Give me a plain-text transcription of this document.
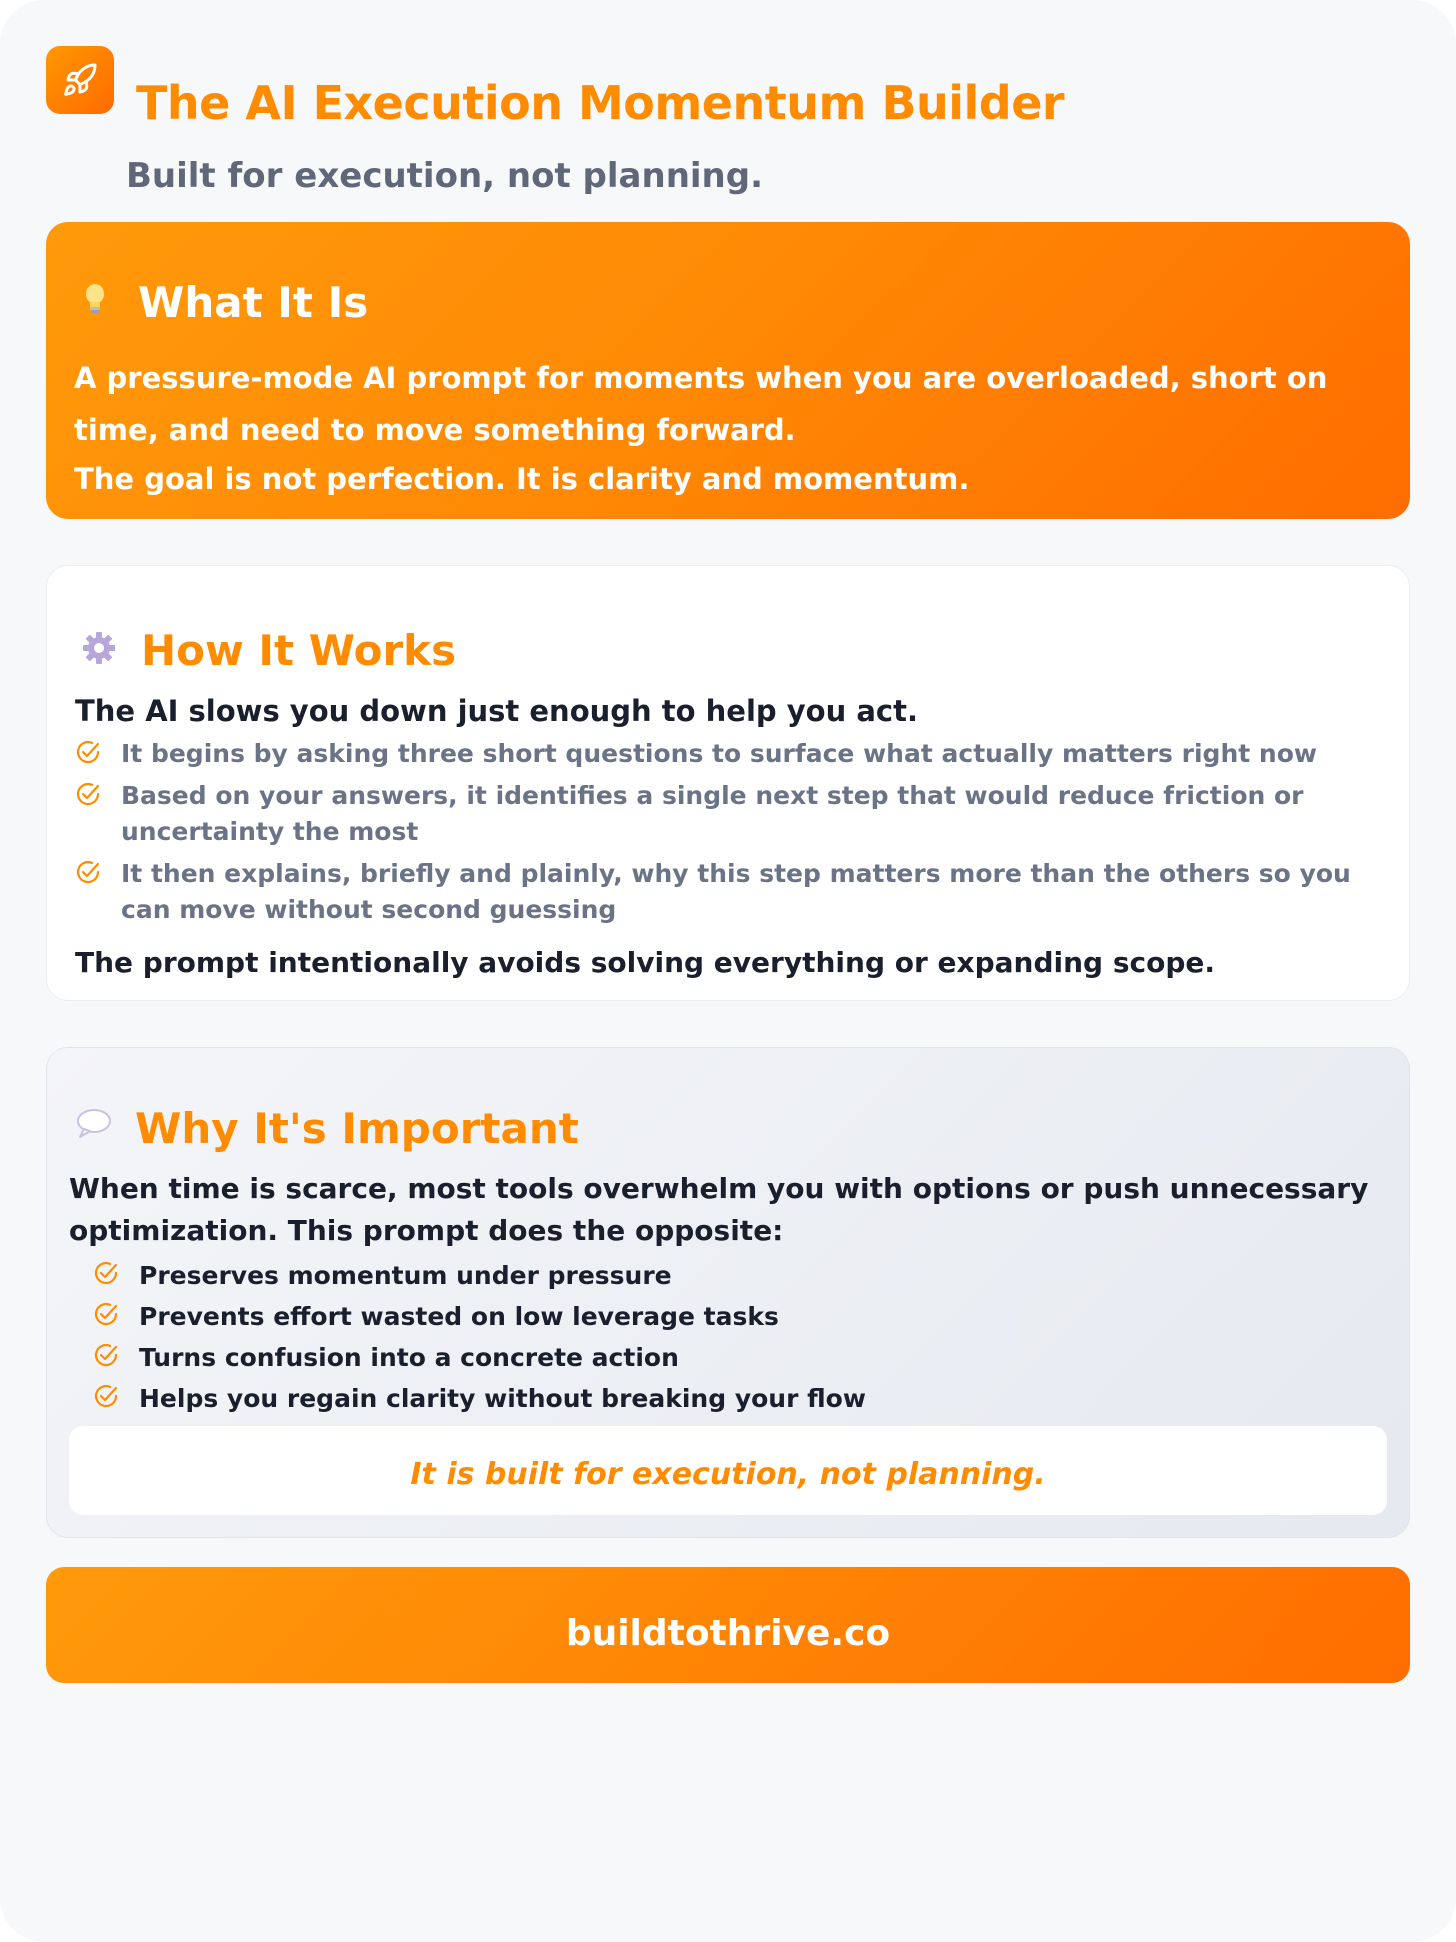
The AI Execution Momentum Builder
Built for execution, not planning.
What It Is
A pressure-mode AI prompt for moments when you are overloaded, short on time, and need to move something forward.
The goal is not perfection. It is clarity and momentum.
How It Works
The AI slows you down just enough to help you act.
It begins by asking three short questions to surface what actually matters right now
Based on your answers, it identifies a single next step that would reduce friction or uncertainty the most
It then explains, briefly and plainly, why this step matters more than the others so you can move without second guessing
The prompt intentionally avoids solving everything or expanding scope.
Why It's Important
When time is scarce, most tools overwhelm you with options or push unnecessary optimization. This prompt does the opposite:
Preserves momentum under pressure
Prevents effort wasted on low leverage tasks
Turns confusion into a concrete action
Helps you regain clarity without breaking your flow
It is built for execution, not planning.
buildtothrive.co
